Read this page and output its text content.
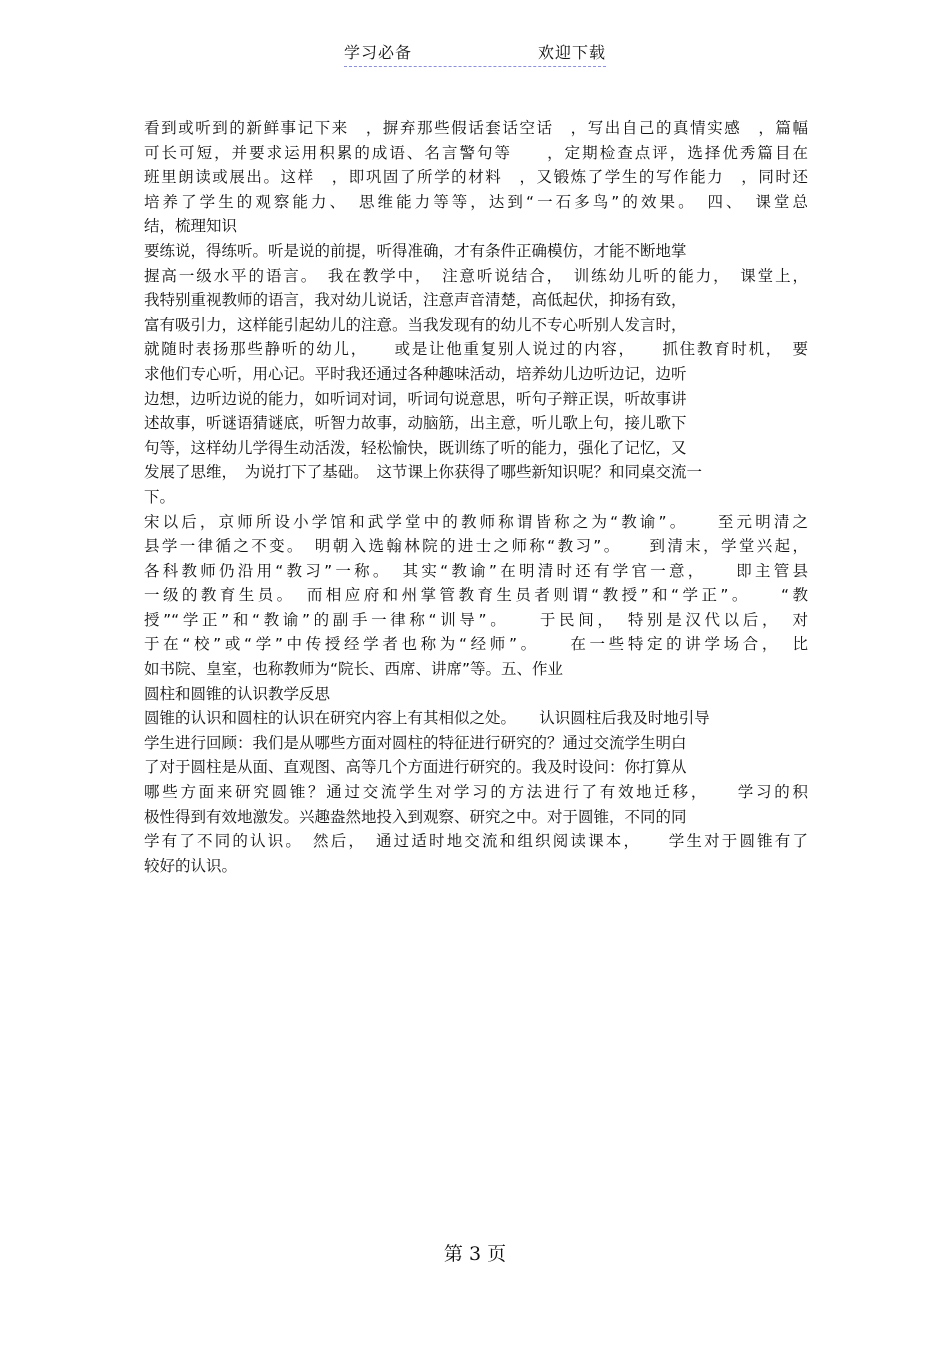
学习必备	欢迎下载
看到或听到的新鲜事记下来　，摒弃那些假话套话空话　，写出自己的真情实感　，篇幅
可长可短，并要求运用积累的成语、名言警句等　　，定期检查点评，选择优秀篇目在
班里朗读或展出。这样　，即巩固了所学的材料　，又锻炼了学生的写作能力　，同时还
培养了学生的观察能力、　思维能力等等，达到“一石多鸟”的效果。　四、　课堂总
结，梳理知识
要练说，得练听。听是说的前提，听得准确，才有条件正确模仿，才能不断地掌
握高一级水平的语言。　我在教学中，　注意听说结合，　训练幼儿听的能力，　课堂上，
我特别重视教师的语言，我对幼儿说话，注意声音清楚，高低起伏，抑扬有致，
富有吸引力，这样能引起幼儿的注意。当我发现有的幼儿不专心听别人发言时，
就随时表扬那些静听的幼儿，　　或是让他重复别人说过的内容，　　抓住教育时机，　要
求他们专心听，用心记。平时我还通过各种趣味活动，培养幼儿边听边记，边听
边想，边听边说的能力，如听词对词，听词句说意思，听句子辩正误，听故事讲
述故事，听谜语猜谜底，听智力故事，动脑筋，出主意，听儿歌上句，接儿歌下
句等，这样幼儿学得生动活泼，轻松愉快，既训练了听的能力，强化了记忆，又
发展了思维，　为说打下了基础。　这节课上你获得了哪些新知识呢？和同桌交流一
下。
宋以后，京师所设小学馆和武学堂中的教师称谓皆称之为“教谕”。　　至元明清之
县学一律循之不变。　明朝入选翰林院的进士之师称“教习”。　　到清末，学堂兴起，
各科教师仍沿用“教习”一称。　其实“教谕”在明清时还有学官一意，　　即主管县
一级的教育生员。　而相应府和州掌管教育生员者则谓“教授”和“学正”。　　“教
授”“学正”和“教谕”的副手一律称“训导”。　　于民间，　特别是汉代以后，　对
于在“校”或“学”中传授经学者也称为“经师”。　　在一些特定的讲学场合，　比
如书院、皇室，也称教师为“院长、西席、讲席”等。五、作业
圆柱和圆锥的认识教学反思
圆锥的认识和圆柱的认识在研究内容上有其相似之处。　　认识圆柱后我及时地引导
学生进行回顾：我们是从哪些方面对圆柱的特征进行研究的？通过交流学生明白
了对于圆柱是从面、直观图、高等几个方面进行研究的。我及时设问：你打算从
哪些方面来研究圆锥？通过交流学生对学习的方法进行了有效地迁移，　　学习的积
极性得到有效地激发。兴趣盎然地投入到观察、研究之中。对于圆锥，不同的同
学有了不同的认识。　然后，　通过适时地交流和组织阅读课本，　　学生对于圆锥有了
较好的认识。
第 3 页
